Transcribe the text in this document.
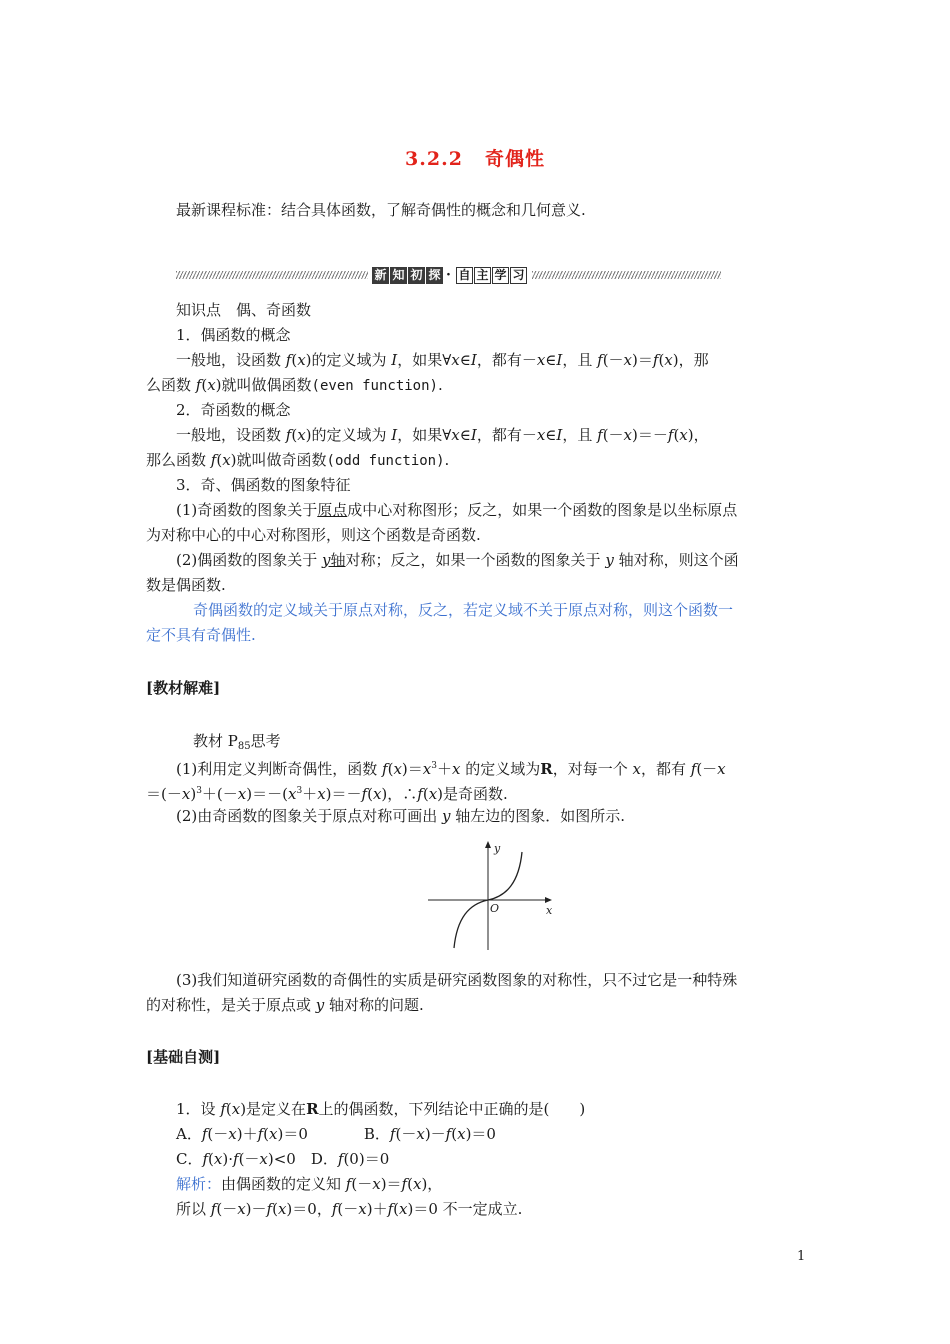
3.2.2 奇偶性
最新课程标准：结合具体函数，了解奇偶性的概念和几何意义.
新 知 初 探 · 自 主 学 习
知识点　偶、奇函数
1．偶函数的概念
一般地，设函数 f(x)的定义域为 I，如果∀x∈I，都有－x∈I，且 f(－x)＝f(x)，那
么函数 f(x)就叫做偶函数(even function).
2．奇函数的概念
一般地，设函数 f(x)的定义域为 I，如果∀x∈I，都有－x∈I，且 f(－x)＝－f(x)，
那么函数 f(x)就叫做奇函数(odd function).
3．奇、偶函数的图象特征
(1)奇函数的图象关于原点成中心对称图形；反之，如果一个函数的图象是以坐标原点
为对称中心的中心对称图形，则这个函数是奇函数.
(2)偶函数的图象关于 y轴对称；反之，如果一个函数的图象关于 y 轴对称，则这个函
数是偶函数.
奇偶函数的定义域关于原点对称，反之，若定义域不关于原点对称，则这个函数一
定不具有奇偶性.
[教材解难]
教材 $P_{85}$思考
(1)利用定义判断奇偶性，函数 $f(x)=x^3+x$ 的定义域为R，对每一个 x，都有 f(－x
$=(-x)^3+(-x)=-(x^3+x)=-f(x)$，∴f(x)是奇函数.
(2)由奇函数的图象关于原点对称可画出 y 轴左边的图象．如图所示.
y
x
O
(3)我们知道研究函数的奇偶性的实质是研究函数图象的对称性，只不过它是一种特殊
的对称性，是关于原点或 y 轴对称的问题.
[基础自测]
1．设 f(x)是定义在R上的偶函数，下列结论中正确的是(　　)
A．f(－x)＋f(x)＝0	B．f(－x)－f(x)＝0
C．f(x)·f(－x)<0　D．f(0)＝0
解析：由偶函数的定义知 f(－x)＝f(x)，
所以 f(－x)－f(x)＝0，f(－x)＋f(x)＝0 不一定成立.
1
